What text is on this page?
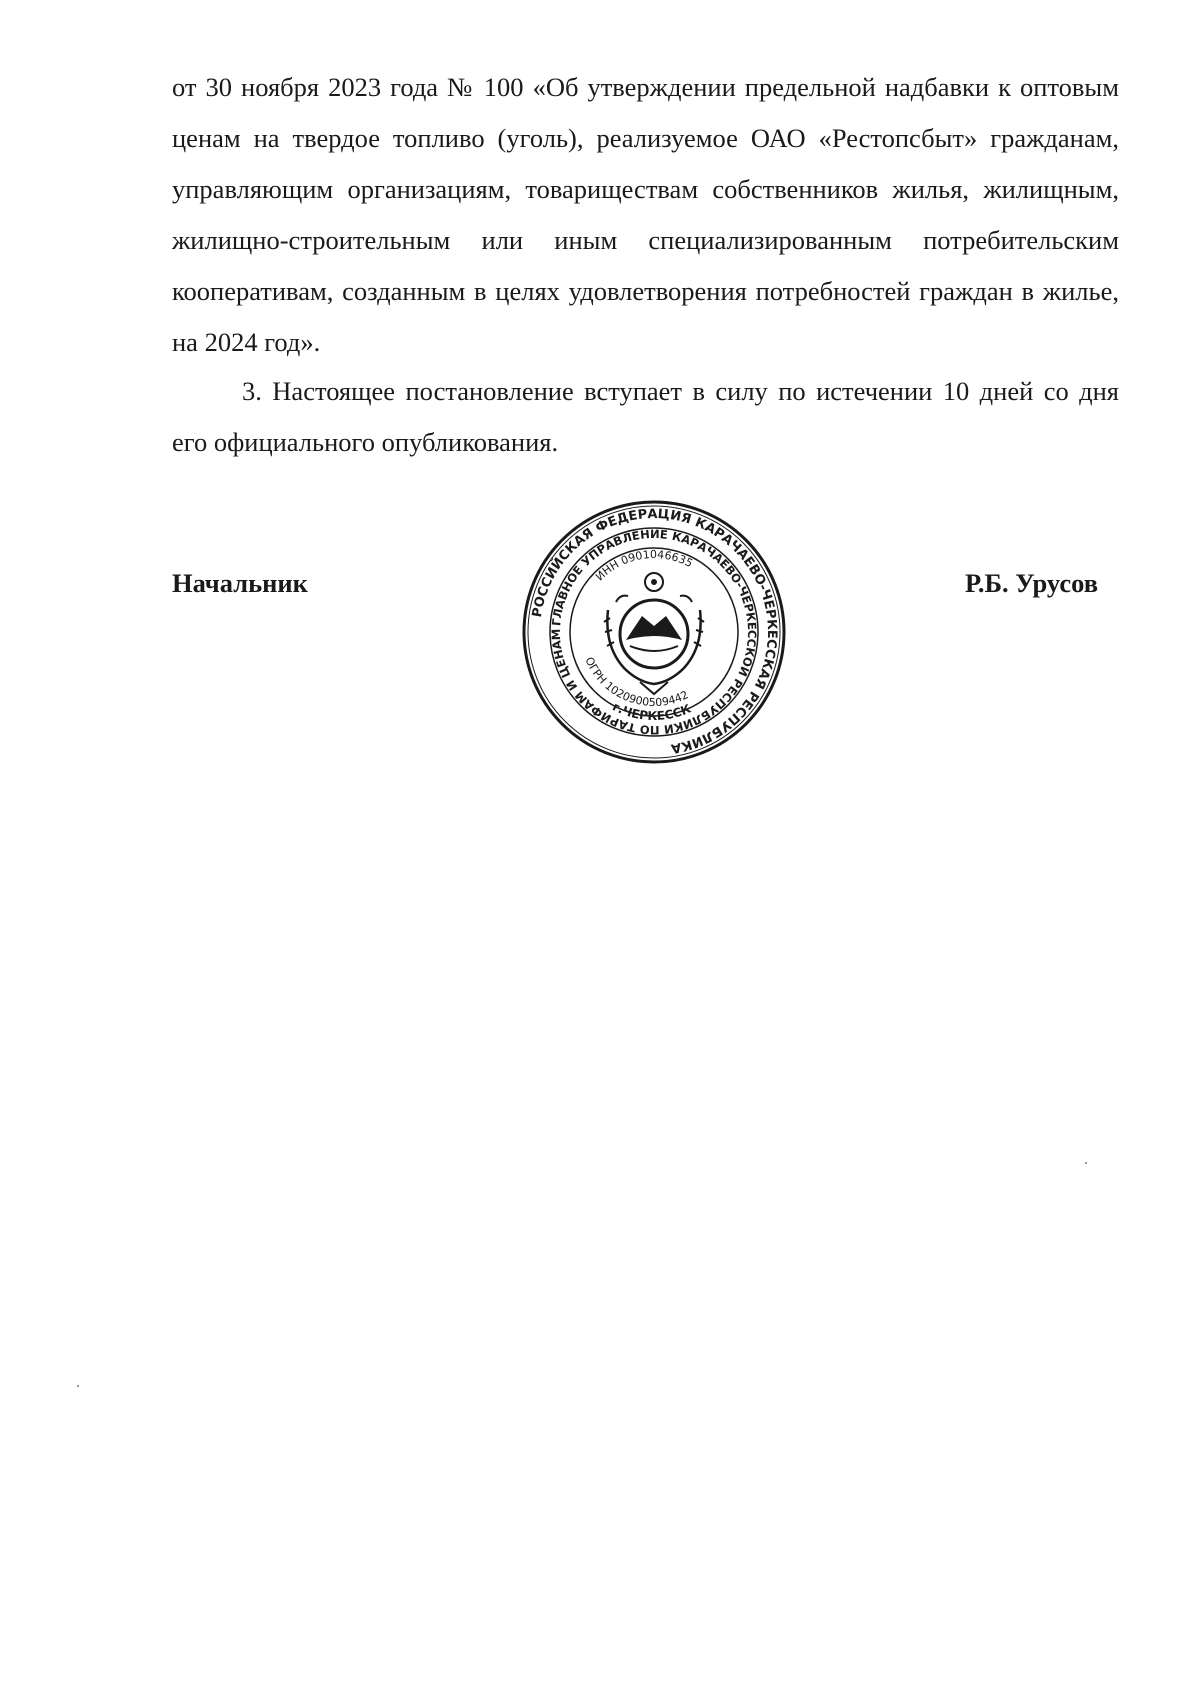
от 30 ноября 2023 года № 100 «Об утверждении предельной надбавки к оптовым ценам на твердое топливо (уголь), реализуемое ОАО «Рестопсбыт» гражданам, управляющим организациям, товариществам собственников жилья, жилищным, жилищно-строительным или иным специализированным потребительским кооперативам, созданным в целях удовлетворения потребностей граждан в жилье, на 2024 год».

3. Настоящее постановление вступает в силу по истечении 10 дней со дня его официального опубликования.

Начальник	Р.Б. Урусов
РОССИЙСКАЯ ФЕДЕРАЦИЯ КАРАЧАЕВО-ЧЕРКЕССКАЯ РЕСПУБЛИКА
ГЛАВНОЕ УПРАВЛЕНИЕ КАРАЧАЕВО-ЧЕРКЕССКОЙ РЕСПУБЛИКИ ПО ТАРИФАМ И ЦЕНАМ
ИНН 0901046635
ОГРН 1020900509442
г.ЧЕРКЕССК
